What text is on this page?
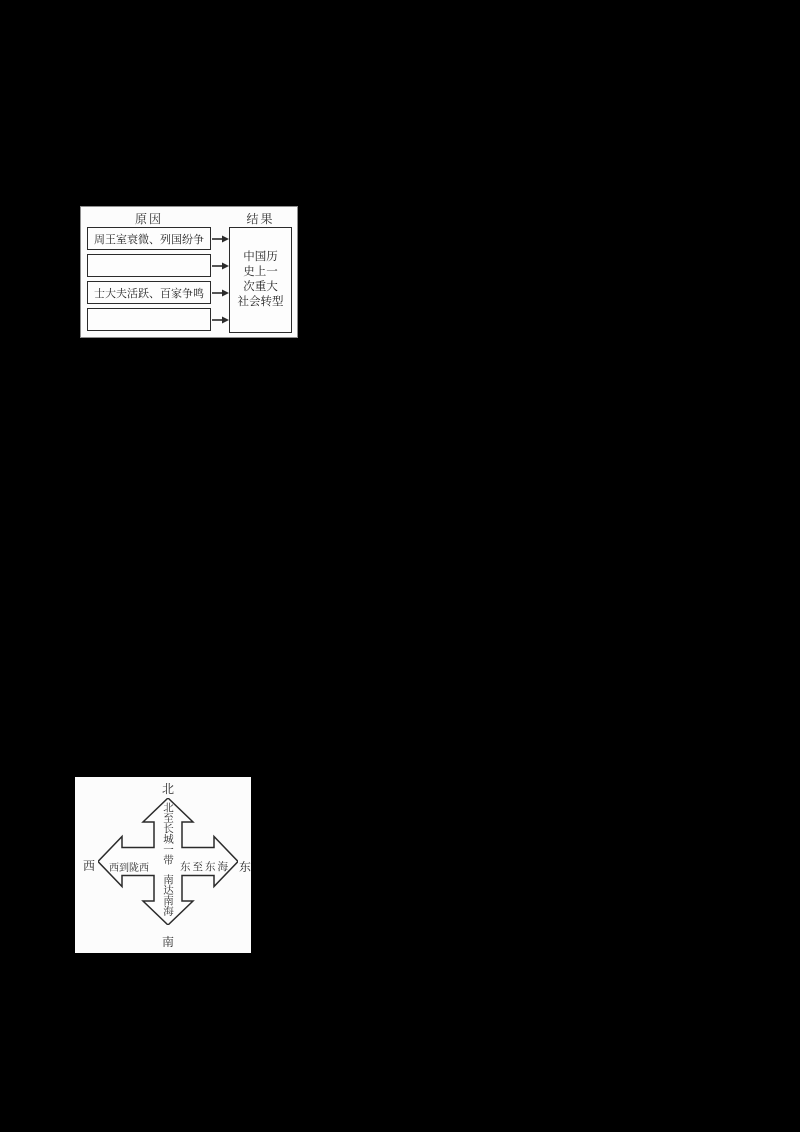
原因	结果
周王室衰微、列国纷争
士大夫活跃、百家争鸣
中国历
史上一
次重大
社会转型
北
南
西	东
北至长城一带
南达南海
西到陇西	东至东海
